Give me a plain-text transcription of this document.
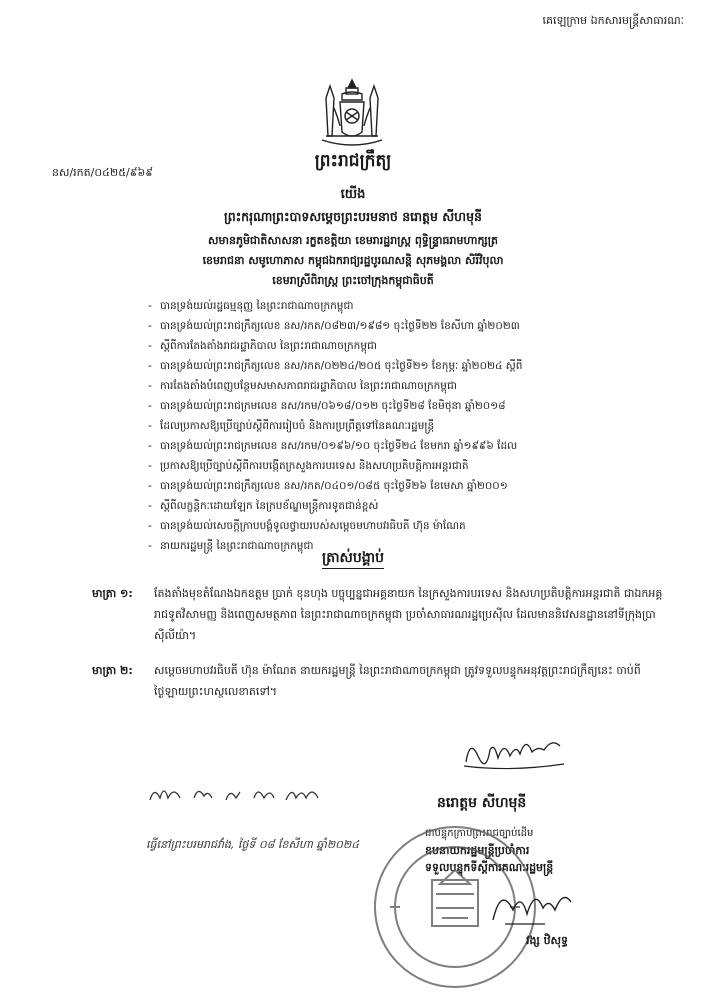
គេឡេក្រាម ឯកសារមន្ត្រីសាធារណៈ
ព្រះរាជក្រឹត្យ
នស/រកត/០៤២៥/៩៦៩
យើង
ព្រះករុណាព្រះបាទសម្ដេចព្រះបរមនាថ នរោត្តម សីហមុនី
សមានភូមិជាតិសាសនា រក្ខតខត្តិយា ខេមរារដ្ឋរាស្ត្រ ពុទ្ធិន្ទ្រាធរាមហាក្សត្រ
ខេមរាជនា សមូហោភាស កម្ពុជឯករាជ្យរដ្ឋបូរណសន្តិ សុភមង្គលា សិរីវិបុលា
ខេមរាស្រីពិរាស្ត្រ ព្រះចៅក្រុងកម្ពុជាធិបតី
- បានទ្រង់យល់រដ្ឋធម្មនុញ្ញ នៃព្រះរាជាណាចក្រកម្ពុជា
- បានទ្រង់យល់ព្រះរាជក្រឹត្យលេខ នស/រកត/០៨២៣/១៩៨១ ចុះថ្ងៃទី២២ ខែសីហា ឆ្នាំ២០២៣
- ស្ដីពីការតែងតាំងរាជរដ្ឋាភិបាល នៃព្រះរាជាណាចក្រកម្ពុជា
- បានទ្រង់យល់ព្រះរាជក្រឹត្យលេខ នស/រកត/០២២៤/២០៥ ចុះថ្ងៃទី២១ ខែកុម្ភៈ ឆ្នាំ២០២៤ ស្ដីពី
- ការតែងតាំងបំពេញបន្ថែមសមាសភាពរាជរដ្ឋាភិបាល នៃព្រះរាជាណាចក្រកម្ពុជា
- បានទ្រង់យល់ព្រះរាជក្រមលេខ នស/រកម/០៦១៨/០១២ ចុះថ្ងៃទី២៨ ខែមិថុនា ឆ្នាំ២០១៨
- ដែលប្រកាសឱ្យប្រើច្បាប់ស្ដីពីការរៀបចំ និងការប្រព្រឹត្តទៅនៃគណៈរដ្ឋមន្ត្រី
- បានទ្រង់យល់ព្រះរាជក្រមលេខ នស/រកម/០១៩៦/១០ ចុះថ្ងៃទី២៤ ខែមករា ឆ្នាំ១៩៩៦ ដែល
- ប្រកាសឱ្យប្រើច្បាប់ស្ដីពីការបង្កើតក្រសួងការបរទេស និងសហប្រតិបត្តិការអន្តរជាតិ
- បានទ្រង់យល់ព្រះរាជក្រឹត្យលេខ នស/រកត/០៤០១/០៨៥ ចុះថ្ងៃទី២៦ ខែមេសា ឆ្នាំ២០០១
- ស្ដីពីលក្ខន្តិកៈដោយឡែក នៃក្របខ័ណ្ឌមន្ត្រីការទូតជាន់ខ្ពស់
- បានទ្រង់យល់សេចក្ដីក្រាបបង្គំទូលថ្វាយរបស់សម្ដេចមហាបវរធិបតី ហ៊ុន ម៉ាណែត
- នាយករដ្ឋមន្ត្រី នៃព្រះរាជាណាចក្រកម្ពុជា
ត្រាស់បង្គាប់
មាត្រា ១: តែងតាំងមុខតំណែងឯកឧត្តម ប្រាក់ ខុនហុង បច្ចុប្បន្នជាអគ្គនាយក នៃក្រសួងការបរទេស និងសហប្រតិបត្តិការអន្តរជាតិ ជាឯកអគ្គរាជទូតវិសាមញ្ញ និងពេញសមត្ថភាព នៃព្រះរាជាណាចក្រកម្ពុជា ប្រចាំសាធារណរដ្ឋប្រេស៊ីល ដែលមាននិវេសនដ្ឋាននៅទីក្រុងប្រាស៊ីលីយ៉ា។
មាត្រា ២: សម្ដេចមហាបវរធិបតី ហ៊ុន ម៉ាណែត នាយករដ្ឋមន្ត្រី នៃព្រះរាជាណាចក្រកម្ពុជា ត្រូវទទួលបន្ទុកអនុវត្តព្រះរាជក្រឹត្យនេះ ចាប់ពីថ្ងៃឡាយព្រះហស្ថលេខាតទៅ។
ធ្វើនៅព្រះបរមរាជវាំង, ថ្ងៃទី ០៨ ខែសីហា ឆ្នាំ២០២៤
នរោត្តម សីហមុនី
ជាបន្ទុកក្រាបព្រះរាជច្បាប់ដើម
ឧបនាយករដ្ឋមន្ត្រីប្រចាំការ
ទទួលបន្ទុកទីស្ដីការគណៈរដ្ឋមន្ត្រី
វង្ស ឋិសុទ្ធ
